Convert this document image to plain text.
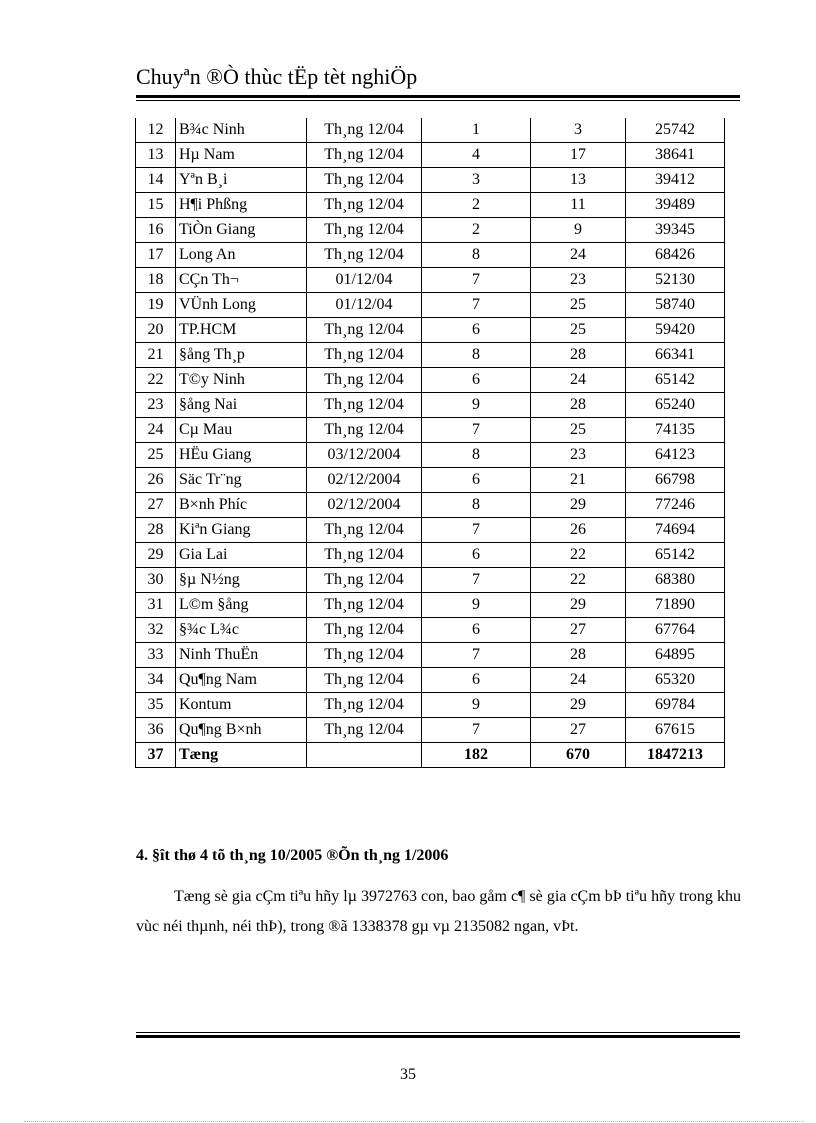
Chuyªn ®Ò thùc tËp tèt nghiÖp
12	B¾c Ninh	Th¸ng 12/04	1	3	25742
13	Hµ Nam	Th¸ng 12/04	4	17	38641
14	Yªn B¸i	Th¸ng 12/04	3	13	39412
15	H¶i Phßng	Th¸ng 12/04	2	11	39489
16	TiÒn Giang	Th¸ng 12/04	2	9	39345
17	Long An	Th¸ng 12/04	8	24	68426
18	CÇn Th¬	01/12/04	7	23	52130
19	VÜnh Long	01/12/04	7	25	58740
20	TP.HCM	Th¸ng 12/04	6	25	59420
21	§ång Th¸p	Th¸ng 12/04	8	28	66341
22	T©y Ninh	Th¸ng 12/04	6	24	65142
23	§ång Nai	Th¸ng 12/04	9	28	65240
24	Cµ Mau	Th¸ng 12/04	7	25	74135
25	HËu Giang	03/12/2004	8	23	64123
26	Säc Tr¨ng	02/12/2004	6	21	66798
27	B×nh Phíc	02/12/2004	8	29	77246
28	Kiªn Giang	Th¸ng 12/04	7	26	74694
29	Gia Lai	Th¸ng 12/04	6	22	65142
30	§µ N½ng	Th¸ng 12/04	7	22	68380
31	L©m §ång	Th¸ng 12/04	9	29	71890
32	§¾c L¾c	Th¸ng 12/04	6	27	67764
33	Ninh ThuËn	Th¸ng 12/04	7	28	64895
34	Qu¶ng Nam	Th¸ng 12/04	6	24	65320
35	Kontum	Th¸ng 12/04	9	29	69784
36	Qu¶ng B×nh	Th¸ng 12/04	7	27	67615
37	Tæng		182	670	1847213
4. §ît thø 4 tõ th¸ng 10/2005 ®Õn th¸ng 1/2006
Tæng sè gia cÇm tiªu hñy lµ 3972763 con, bao gåm c¶ sè gia cÇm bÞ tiªu hñy trong khu vùc néi thµnh, néi thÞ), trong ®ã 1338378 gµ vµ 2135082 ngan, vÞt.
35
